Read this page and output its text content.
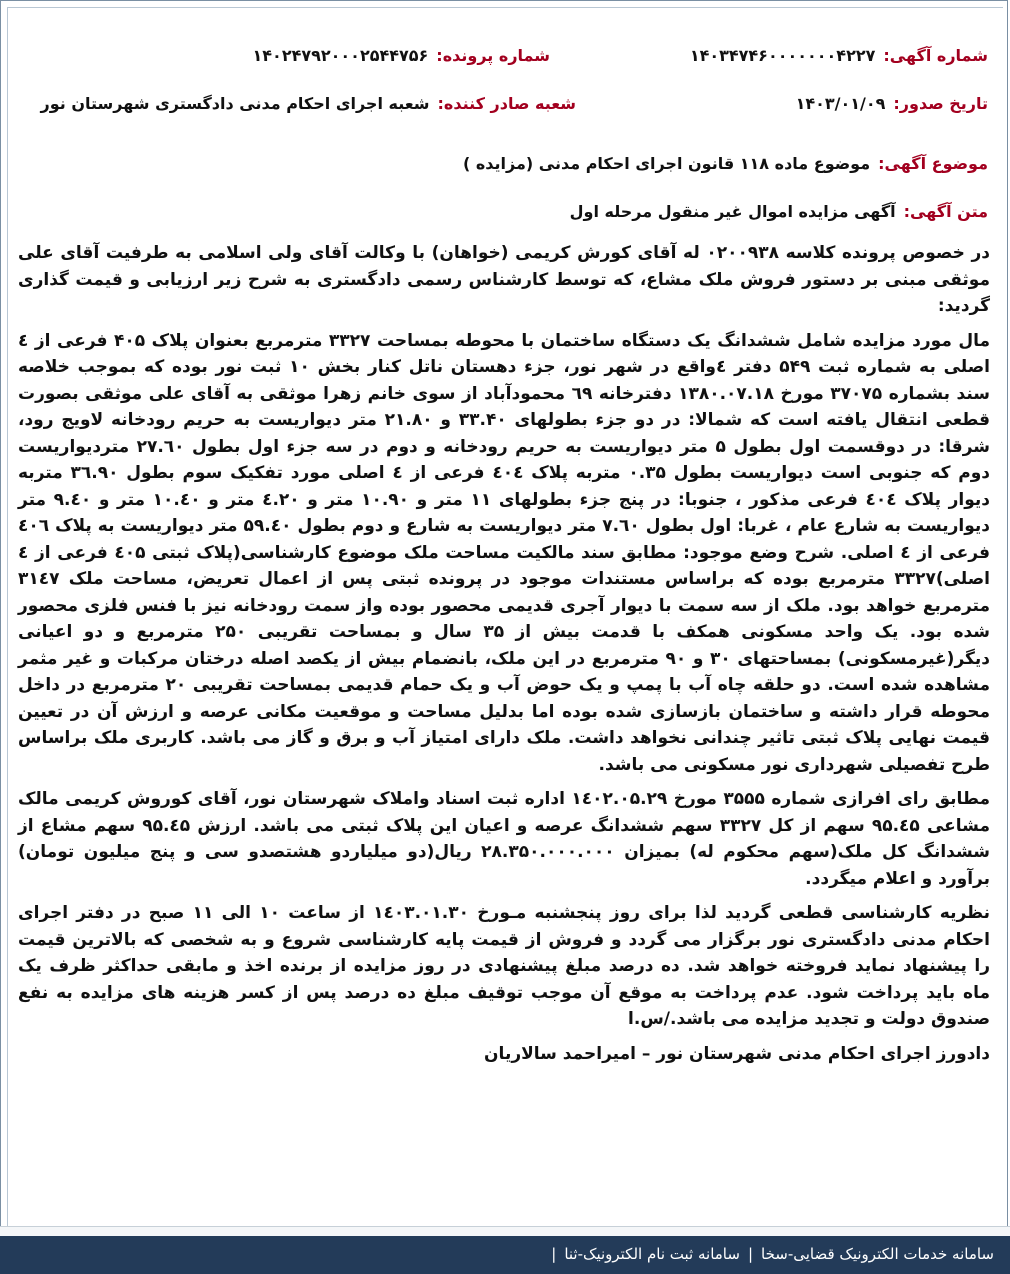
شماره آگهی:۱۴۰۳۴۷۴۶۰۰۰۰۰۰۰۴۲۲۷
شماره پرونده:۱۴۰۲۴۷۹۲۰۰۰۲۵۴۴۷۵۶
تاریخ صدور:۱۴۰۳/۰۱/۰۹
شعبه صادر کننده:شعبه اجرای احکام مدنی دادگستری شهرستان نور
موضوع آگهی:موضوع ماده ۱۱۸ قانون اجرای احکام مدنی (مزایده )
متن آگهی:آگهی مزایده اموال غیر منقول مرحله اول

در خصوص پرونده کلاسه ۰۲۰۰۹۳۸ له آقای کورش کریمی (خواهان) با وکالت آقای ولی اسلامی به طرفیت آقای علی موثقی مبنی بر دستور فروش ملک مشاع، که توسط کارشناس رسمی دادگستری به شرح زیر ارزیابی و قیمت گذاری گردید:

مال مورد مزایده شامل ششدانگ یک دستگاه ساختمان با محوطه بمساحت ۳۳۲۷ مترمربع بعنوان پلاک ۴۰۵ فرعی از ٤ اصلی به شماره ثبت ۵۴۹ دفتر ٤واقع در شهر نور، جزء دهستان ناتل کنار بخش ۱۰ ثبت نور بوده که بموجب خلاصه سند بشماره ۳۷۰۷۵ مورخ ۱۳۸۰.۰۷.۱۸ دفترخانه ٦۹ محمودآباد از سوی خانم زهرا موثقی به آقای علی موثقی بصورت قطعی انتقال یافته است که شمالا: در دو جزء بطولهای ۳۳.۴۰ و ۲۱.۸۰ متر دیواریست به حریم رودخانه لاویج رود، شرقا: در دوقسمت اول بطول ۵ متر دیواریست به حریم رودخانه و دوم در سه جزء اول بطول ۲۷.٦۰ متردیواریست دوم که جنوبی است دیواریست بطول ۰.۳۵ متربه پلاک ٤۰٤ فرعی از ٤ اصلی مورد تفکیک سوم بطول ۳٦.۹۰ متربه دیوار پلاک ٤۰٤ فرعی مذکور ، جنوبا: در پنج جزء بطولهای ۱۱ متر و ۱۰.۹۰ متر و ٤.۲۰ متر و ۱۰.٤۰ متر و ۹.٤۰ متر دیواریست به شارع عام ، غربا: اول بطول ۷.٦۰ متر دیواریست به شارع و دوم بطول ۵۹.٤۰ متر دیواریست به پلاک ٤۰٦ فرعی از ٤ اصلی. شرح وضع موجود: مطابق سند مالکیت مساحت ملک موضوع کارشناسی(پلاک ثبتی ٤۰۵ فرعی از ٤ اصلی)۳۳۲۷ مترمربع بوده که براساس مستندات موجود در پرونده ثبتی پس از اعمال تعریض، مساحت ملک ۳۱٤۷ مترمربع خواهد بود. ملک از سه سمت با دیوار آجری قدیمی محصور بوده واز سمت رودخانه نیز با فنس فلزی محصور شده بود. یک واحد مسکونی همکف با قدمت بیش از ۳۵ سال و بمساحت تقریبی ۲۵۰ مترمربع و دو اعیانی دیگر(غیرمسکونی) بمساحتهای ۳۰ و ۹۰ مترمربع در این ملک، بانضمام بیش از یکصد اصله درختان مرکبات و غیر مثمر مشاهده شده است. دو حلقه چاه آب با پمپ و یک حوض آب و یک حمام قدیمی بمساحت تقریبی ۲۰ مترمربع در داخل محوطه قرار داشته و ساختمان بازسازی شده بوده اما بدلیل مساحت و موقعیت مکانی عرصه و ارزش آن در تعیین قیمت نهایی پلاک ثبتی تاثیر چندانی نخواهد داشت. ملک دارای امتیاز آب و برق و گاز می باشد. کاربری ملک براساس طرح تفصیلی شهرداری نور مسکونی می باشد.

مطابق رای افرازی شماره ۳۵۵۵ مورخ ۱٤۰۲.۰۵.۲۹ اداره ثبت اسناد واملاک شهرستان نور، آقای کوروش کریمی مالک مشاعی ۹۵.٤۵ سهم از کل ۳۳۲۷ سهم ششدانگ عرصه و اعیان این پلاک ثبتی می باشد. ارزش ۹۵.٤۵ سهم مشاع از ششدانگ کل ملک(سهم محکوم له) بمیزان ۲۸.۳۵۰.۰۰۰.۰۰۰ ریال(دو میلیاردو هشتصدو سی و پنج میلیون تومان) برآورد و اعلام میگردد.

نظریه کارشناسی قطعی گردید لذا برای روز پنجشنبه مـورخ ۱٤۰۳.۰۱.۳۰ از ساعت ۱۰ الی ۱۱ صبح در دفتر اجرای احکام مدنی دادگستری نور برگزار می گردد و فروش از قیمت پایه کارشناسی شروع و به شخصی که بالاترین قیمت را پیشنهاد نماید فروخته خواهد شد. ده درصد مبلغ پیشنهادی در روز مزایده از برنده اخذ و مابقی حداکثر ظرف یک ماه باید پرداخت شود. عدم پرداخت به موقع آن موجب توقیف مبلغ ده درصد پس از کسر هزینه های مزایده به نفع صندوق دولت و تجدید مزایده می باشد./س.ا

دادورز اجرای احکام مدنی شهرستان نور – امیراحمد سالاریان

سامانه خدمات الکترونیک قضایی-سخا|سامانه ثبت نام الکترونیک-ثنا|
